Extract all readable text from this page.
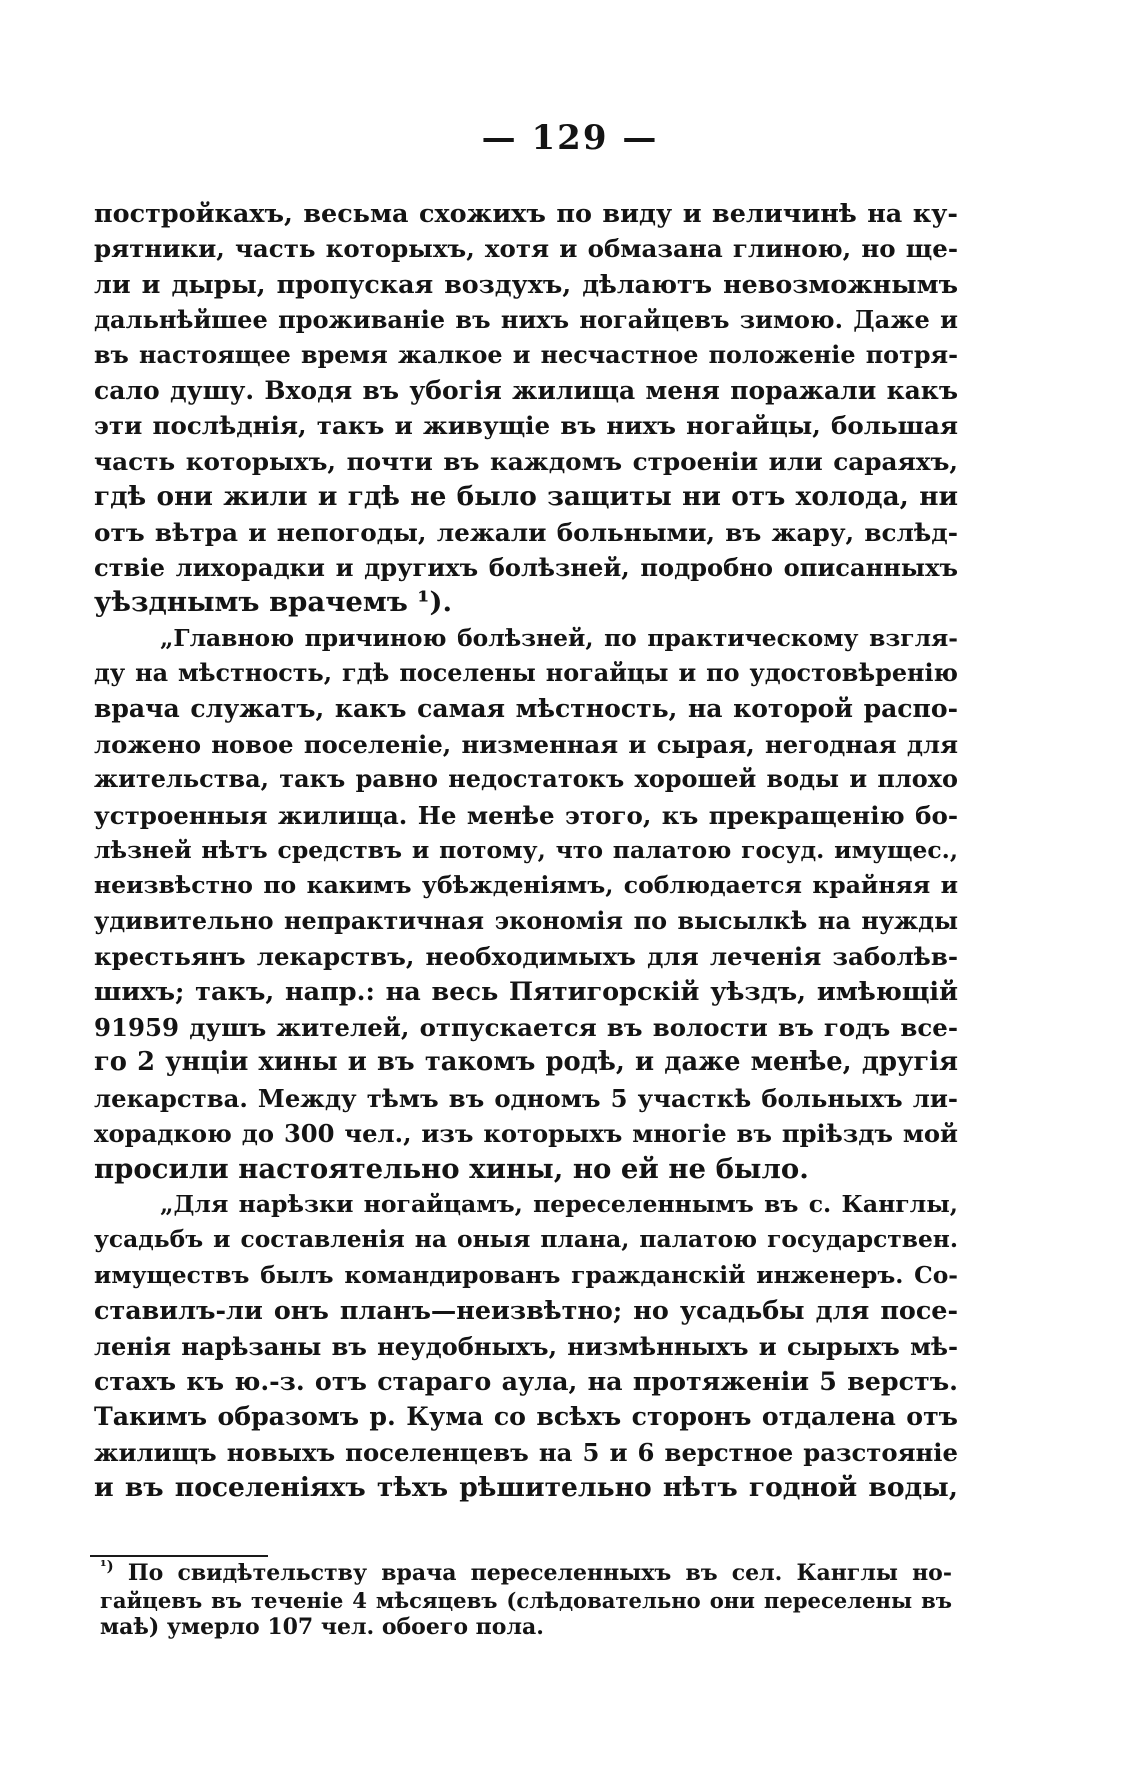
— 129 —
постройкахъ, весьма схожихъ по виду и величинѣ на ку-
рятники, часть которыхъ, хотя и обмазана глиною, но ще-
ли и дыры, пропуская воздухъ, дѣлаютъ невозможнымъ
дальнѣйшее проживаніе въ нихъ ногайцевъ зимою. Даже и
въ настоящее время жалкое и несчастное положеніе потря-
сало душу. Входя въ убогія жилища меня поражали какъ
эти послѣднія, такъ и живущіе въ нихъ ногайцы, большая
часть которыхъ, почти въ каждомъ строеніи или сараяхъ,
гдѣ они жили и гдѣ не было защиты ни отъ холода, ни
отъ вѣтра и непогоды, лежали больными, въ жару, вслѣд-
ствіе лихорадки и другихъ болѣзней, подробно описанныхъ
уѣзднымъ врачемъ ¹).
„Главною причиною болѣзней, по практическому взгля-
ду на мѣстность, гдѣ поселены ногайцы и по удостовѣренію
врача служатъ, какъ самая мѣстность, на которой распо-
ложено новое поселеніе, низменная и сырая, негодная для
жительства, такъ равно недостатокъ хорошей воды и плохо
устроенныя жилища. Не менѣе этого, къ прекращенію бо-
лѣзней нѣтъ средствъ и потому, что палатою госуд. имущес.,
неизвѣстно по какимъ убѣжденіямъ, соблюдается крайняя и
удивительно непрактичная экономія по высылкѣ на нужды
крестьянъ лекарствъ, необходимыхъ для леченія заболѣв-
шихъ; такъ, напр.: на весь Пятигорскій уѣздъ, имѣющій
91959 душъ жителей, отпускается въ волости въ годъ все-
го 2 унціи хины и въ такомъ родѣ, и даже менѣе, другія
лекарства. Между тѣмъ въ одномъ 5 участкѣ больныхъ ли-
хорадкою до 300 чел., изъ которыхъ многіе въ пріѣздъ мой
просили настоятельно хины, но ей не было.
„Для нарѣзки ногайцамъ, переселеннымъ въ с. Канглы,
усадьбъ и составленія на оныя плана, палатою государствен.
имуществъ былъ командированъ гражданскій инженеръ. Со-
ставилъ-ли онъ планъ—неизвѣтно; но усадьбы для посе-
ленія нарѣзаны въ неудобныхъ, низмѣнныхъ и сырыхъ мѣ-
стахъ къ ю.-з. отъ стараго аула, на протяженіи 5 верстъ.
Такимъ образомъ р. Кума со всѣхъ сторонъ отдалена отъ
жилищъ новыхъ поселенцевъ на 5 и 6 верстное разстояніе
и въ поселеніяхъ тѣхъ рѣшительно нѣтъ годной воды,
$^{^1)}$ По свидѣтельству врача переселенныхъ въ сел. Канглы но-
гайцевъ въ теченіе 4 мѣсяцевъ (слѣдовательно они переселены въ
маѣ) умерло 107 чел. обоего пола.
